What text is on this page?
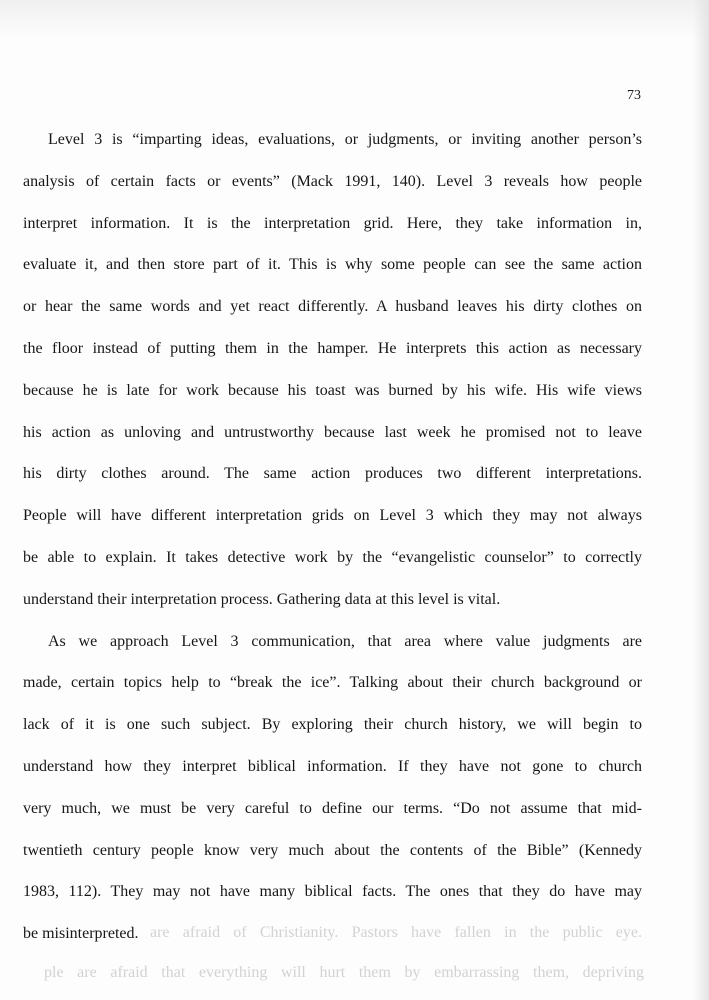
73
Level 3 is “imparting ideas, evaluations, or judgments, or inviting another person’s
analysis of certain facts or events” (Mack 1991, 140). Level 3 reveals how people
interpret information. It is the interpretation grid. Here, they take information in,
evaluate it, and then store part of it. This is why some people can see the same action
or hear the same words and yet react differently. A husband leaves his dirty clothes on
the floor instead of putting them in the hamper. He interprets this action as necessary
because he is late for work because his toast was burned by his wife. His wife views
his action as unloving and untrustworthy because last week he promised not to leave
his dirty clothes around. The same action produces two different interpretations.
People will have different interpretation grids on Level 3 which they may not always
be able to explain. It takes detective work by the “evangelistic counselor” to correctly
understand their interpretation process. Gathering data at this level is vital.
As we approach Level 3 communication, that area where value judgments are
made, certain topics help to “break the ice”. Talking about their church background or
lack of it is one such subject. By exploring their church history, we will begin to
understand how they interpret biblical information. If they have not gone to church
very much, we must be very careful to define our terms. “Do not assume that mid-
twentieth century people know very much about the contents of the Bible” (Kennedy
1983, 112). They may not have many biblical facts. The ones that they do have may
be misinterpreted. are afraid of Christianity. Pastors have fallen in the public eye.
ple are afraid that everything will hurt them by embarrassing them, depriving
